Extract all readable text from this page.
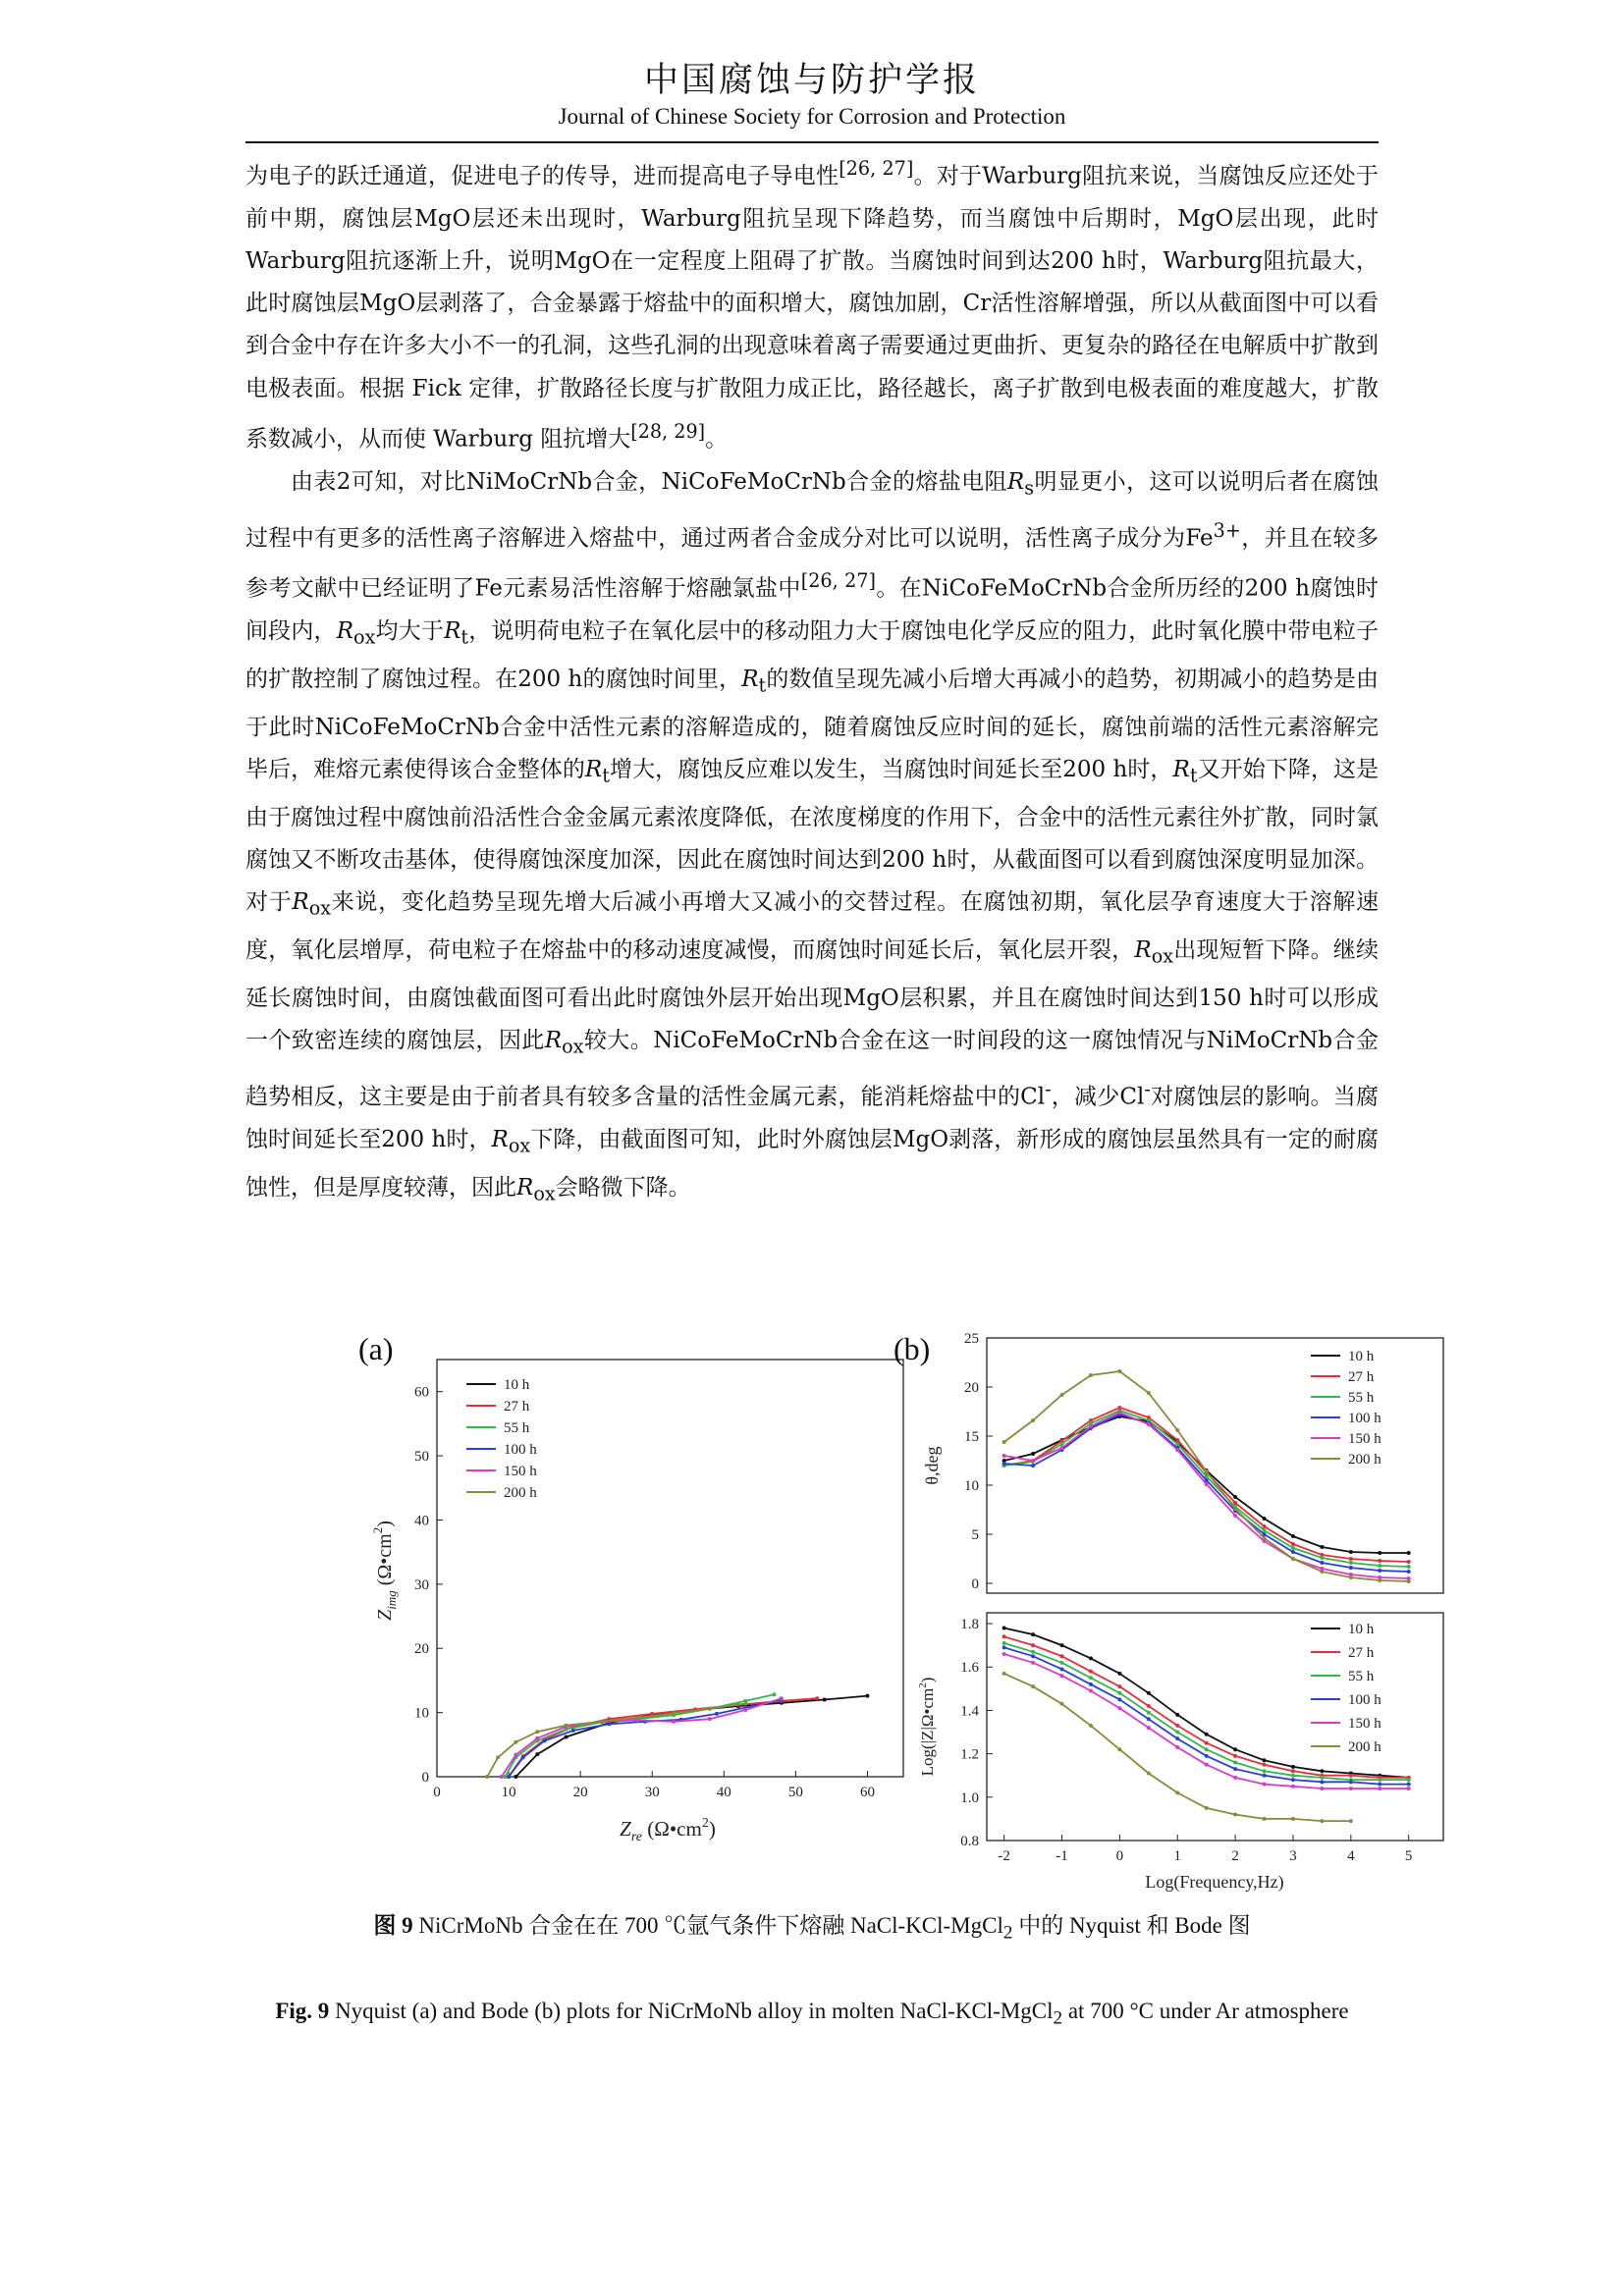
中国腐蚀与防护学报
Journal of Chinese Society for Corrosion and Protection

为电子的跃迁通道，促进电子的传导，进而提高电子导电性[26, 27]。对于Warburg阻抗来说，当腐蚀反应还处于前中期，腐蚀层MgO层还未出现时，Warburg阻抗呈现下降趋势，而当腐蚀中后期时，MgO层出现，此时Warburg阻抗逐渐上升，说明MgO在一定程度上阻碍了扩散。当腐蚀时间到达200 h时，Warburg阻抗最大，此时腐蚀层MgO层剥落了，合金暴露于熔盐中的面积增大，腐蚀加剧，Cr活性溶解增强，所以从截面图中可以看到合金中存在许多大小不一的孔洞，这些孔洞的出现意味着离子需要通过更曲折、更复杂的路径在电解质中扩散到电极表面。根据 Fick 定律，扩散路径长度与扩散阻力成正比，路径越长，离子扩散到电极表面的难度越大，扩散系数减小，从而使 Warburg 阻抗增大[28, 29]。

由表2可知，对比NiMoCrNb合金，NiCoFeMoCrNb合金的熔盐电阻$R_s$明显更小，这可以说明后者在腐蚀过程中有更多的活性离子溶解进入熔盐中，通过两者合金成分对比可以说明，活性离子成分为$Fe^{3+}$，并且在较多参考文献中已经证明了Fe元素易活性溶解于熔融氯盐中[26, 27]。在NiCoFeMoCrNb合金所历经的200 h腐蚀时间段内，$R_{ox}$均大于$R_t$，说明荷电粒子在氧化层中的移动阻力大于腐蚀电化学反应的阻力，此时氧化膜中带电粒子的扩散控制了腐蚀过程。在200 h的腐蚀时间里，$R_t$的数值呈现先减小后增大再减小的趋势，初期减小的趋势是由于此时NiCoFeMoCrNb合金中活性元素的溶解造成的，随着腐蚀反应时间的延长，腐蚀前端的活性元素溶解完毕后，难熔元素使得该合金整体的$R_t$增大，腐蚀反应难以发生，当腐蚀时间延长至200 h时，$R_t$又开始下降，这是由于腐蚀过程中腐蚀前沿活性合金金属元素浓度降低，在浓度梯度的作用下，合金中的活性元素往外扩散，同时氯腐蚀又不断攻击基体，使得腐蚀深度加深，因此在腐蚀时间达到200 h时，从截面图可以看到腐蚀深度明显加深。对于$R_{ox}$来说，变化趋势呈现先增大后减小再增大又减小的交替过程。在腐蚀初期，氧化层孕育速度大于溶解速度，氧化层增厚，荷电粒子在熔盐中的移动速度减慢，而腐蚀时间延长后，氧化层开裂，$R_{ox}$出现短暂下降。继续延长腐蚀时间，由腐蚀截面图可看出此时腐蚀外层开始出现MgO层积累，并且在腐蚀时间达到150 h时可以形成一个致密连续的腐蚀层，因此$R_{ox}$较大。NiCoFeMoCrNb合金在这一时间段的这一腐蚀情况与NiMoCrNb合金趋势相反，这主要是由于前者具有较多含量的活性金属元素，能消耗熔盐中的Cl-，减少Cl-对腐蚀层的影响。当腐蚀时间延长至200 h时，$R_{ox}$下降，由截面图可知，此时外腐蚀层MgO剥落，新形成的腐蚀层虽然具有一定的耐腐蚀性，但是厚度较薄，因此$R_{ox}$会略微下降。

0	10	20	30	40	50	60
0
10
20
30
40
50
60	10 h
27 h
55 h
100 h
150 h
200 h
(a)
$Z_{re}$ $(\Omega•cm^2)$
$Z_{img}$ $(\Omega•cm^2)$
0
5
10
15
20
25
10 h
27 h
55 h
100 h
150 h
200 h
(b)
θ,deg
-2	-1	0	1	2	3	4	5
0.8
1.0
1.2
1.4
1.6
1.8	10 h
27 h
55 h
100 h
150 h
200 h
Log(Frequency,Hz)
$Log(|Z|\Omega•cm^2)$
图 9 NiCrMoNb 合金在在 700 ℃氩气条件下熔融 NaCl-KCl-MgCl$_2$ 中的 Nyquist 和 Bode 图
Fig. 9 Nyquist (a) and Bode (b) plots for NiCrMoNb alloy in molten NaCl-KCl-MgCl$_2$ at 700 °C under Ar atmosphere
